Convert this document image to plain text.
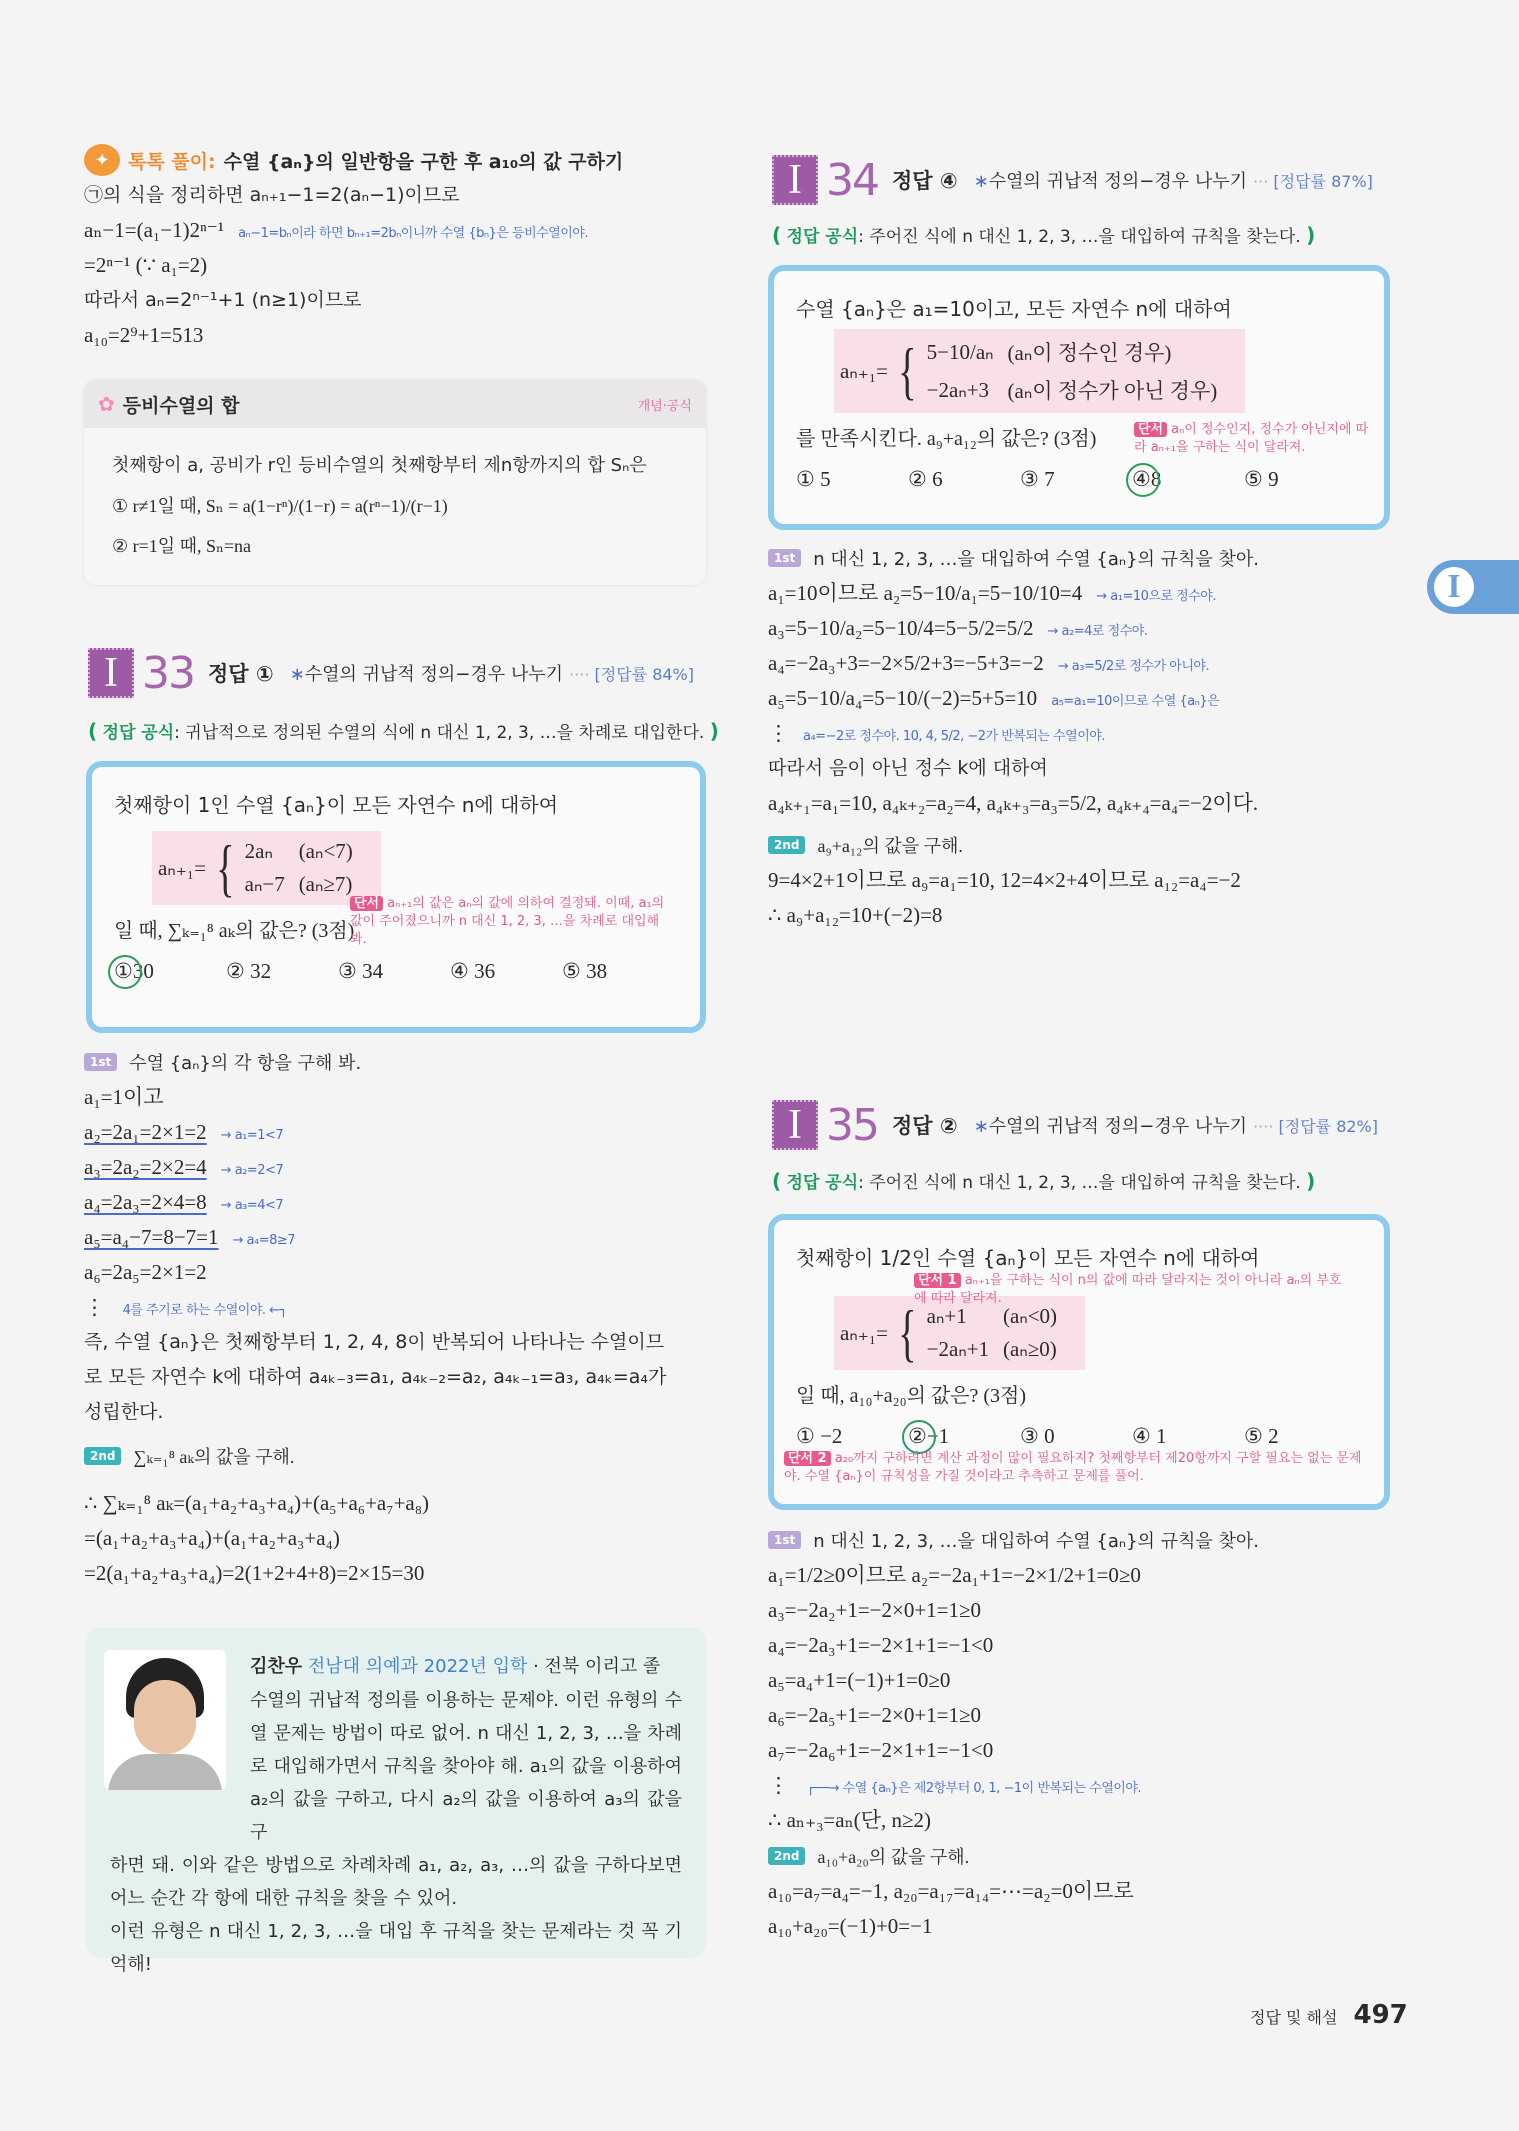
✦ 톡톡 풀이: 수열 {aₙ}의 일반항을 구한 후 a₁₀의 값 구하기
㉠의 식을 정리하면 aₙ₊₁−1=2(aₙ−1)이므로
aₙ−1=(a₁−1)2ⁿ⁻¹ aₙ−1=bₙ이라 하면 bₙ₊₁=2bₙ이니까 수열 {bₙ}은 등비수열이야.
=2ⁿ⁻¹ (∵ a₁=2)
따라서 aₙ=2ⁿ⁻¹+1 (n≥1)이므로
a₁₀=2⁹+1=513
✿ 등비수열의 합	개념·공식
첫째항이 a, 공비가 r인 등비수열의 첫째항부터 제n항까지의 합 Sₙ은
① r≠1일 때, Sₙ = a(1−rⁿ)/(1−r) = a(rⁿ−1)/(r−1)
② r=1일 때, Sₙ=na
I 33 정답 ① ∗수열의 귀납적 정의−경우 나누기 ···· [정답률 84%]
( 정답 공식: 귀납적으로 정의된 수열의 식에 n 대신 1, 2, 3, …을 차례로 대입한다. )
첫째항이 1인 수열 {aₙ}이 모든 자연수 n에 대하여
aₙ₊₁= { 2aₙ	(aₙ<7)
aₙ−7	(aₙ≥7)
일 때, ∑ₖ₌₁⁸ aₖ의 값은? (3점)
①30	② 32	③ 34	④ 36	⑤ 38
단서 aₙ₊₁의 값은 aₙ의 값에 의하여 결정돼. 이때, a₁의 값이 주어졌으니까 n 대신 1, 2, 3, …을 차례로 대입해 봐.
1st	수열 {aₙ}의 각 항을 구해 봐.
a₁=1이고
a₂=2a₁=2×1=2 → a₁=1<7
a₃=2a₂=2×2=4 → a₂=2<7
a₄=2a₃=2×4=8 → a₃=4<7
a₅=a₄−7=8−7=1 → a₄=8≥7
a₆=2a₅=2×1=2
⋮ 4를 주기로 하는 수열이야. ←┐
즉, 수열 {aₙ}은 첫째항부터 1, 2, 4, 8이 반복되어 나타나는 수열이므
로 모든 자연수 k에 대하여 a₄ₖ₋₃=a₁, a₄ₖ₋₂=a₂, a₄ₖ₋₁=a₃, a₄ₖ=a₄가
성립한다.
2nd	∑ₖ₌₁⁸ aₖ의 값을 구해.
∴ ∑ₖ₌₁⁸ aₖ=(a₁+a₂+a₃+a₄)+(a₅+a₆+a₇+a₈)
=(a₁+a₂+a₃+a₄)+(a₁+a₂+a₃+a₄)
=2(a₁+a₂+a₃+a₄)=2(1+2+4+8)=2×15=30
김찬우 전남대 의예과 2022년 입학 · 전북 이리고 졸
수열의 귀납적 정의를 이용하는 문제야. 이런 유형의 수열 문제는 방법이 따로 없어. n 대신 1, 2, 3, …을 차례로 대입해가면서 규칙을 찾아야 해. a₁의 값을 이용하여 a₂의 값을 구하고, 다시 a₂의 값을 이용하여 a₃의 값을 구
하면 돼. 이와 같은 방법으로 차례차례 a₁, a₂, a₃, …의 값을 구하다보면 어느 순간 각 항에 대한 규칙을 찾을 수 있어.
이런 유형은 n 대신 1, 2, 3, …을 대입 후 규칙을 찾는 문제라는 것 꼭 기억해!
I 34 정답 ④ ∗수열의 귀납적 정의−경우 나누기 ··· [정답률 87%]
( 정답 공식: 주어진 식에 n 대신 1, 2, 3, …을 대입하여 규칙을 찾는다. )
수열 {aₙ}은 a₁=10이고, 모든 자연수 n에 대하여
aₙ₊₁= { 5−10/aₙ	(aₙ이 정수인 경우)
−2aₙ+3	(aₙ이 정수가 아닌 경우)
를 만족시킨다. a₉+a₁₂의 값은? (3점)
① 5	② 6	③ 7	④8	⑤ 9
단서 aₙ이 정수인지, 정수가 아닌지에 따라 aₙ₊₁을 구하는 식이 달라져.
1st	n 대신 1, 2, 3, …을 대입하여 수열 {aₙ}의 규칙을 찾아.
a₁=10이므로 a₂=5−10/a₁=5−10/10=4 → a₁=10으로 정수야.
a₃=5−10/a₂=5−10/4=5−5/2=5/2 → a₂=4로 정수야.
a₄=−2a₃+3=−2×5/2+3=−5+3=−2 → a₃=5/2로 정수가 아니야.
a₅=5−10/a₄=5−10/(−2)=5+5=10 a₅=a₁=10이므로 수열 {aₙ}은
⋮ a₄=−2로 정수야. 10, 4, 5/2, −2가 반복되는 수열이야.
따라서 음이 아닌 정수 k에 대하여
a₄ₖ₊₁=a₁=10, a₄ₖ₊₂=a₂=4, a₄ₖ₊₃=a₃=5/2, a₄ₖ₊₄=a₄=−2이다.
2nd	a₉+a₁₂의 값을 구해.
9=4×2+1이므로 a₉=a₁=10, 12=4×2+4이므로 a₁₂=a₄=−2
∴ a₉+a₁₂=10+(−2)=8
I 35 정답 ② ∗수열의 귀납적 정의−경우 나누기 ···· [정답률 82%]
( 정답 공식: 주어진 식에 n 대신 1, 2, 3, …을 대입하여 규칙을 찾는다. )
첫째항이 1/2인 수열 {aₙ}이 모든 자연수 n에 대하여
aₙ₊₁= { aₙ+1	(aₙ<0)
−2aₙ+1	(aₙ≥0)
일 때, a₁₀+a₂₀의 값은? (3점)
① −2	②−1	③ 0	④ 1	⑤ 2
단서 1 aₙ₊₁을 구하는 식이 n의 값에 따라 달라지는 것이 아니라 aₙ의 부호에 따라 달라져.
단서 2 a₂₀까지 구하려면 계산 과정이 많이 필요하지? 첫째항부터 제20항까지 구할 필요는 없는 문제야. 수열 {aₙ}이 규칙성을 가질 것이라고 추측하고 문제를 풀어.
1st	n 대신 1, 2, 3, …을 대입하여 수열 {aₙ}의 규칙을 찾아.
a₁=1/2≥0이므로 a₂=−2a₁+1=−2×1/2+1=0≥0
a₃=−2a₂+1=−2×0+1=1≥0
a₄=−2a₃+1=−2×1+1=−1<0
a₅=a₄+1=(−1)+1=0≥0
a₆=−2a₅+1=−2×0+1=1≥0
a₇=−2a₆+1=−2×1+1=−1<0
⋮ ┌──→ 수열 {aₙ}은 제2항부터 0, 1, −1이 반복되는 수열이야.
∴ aₙ₊₃=aₙ(단, n≥2)
2nd	a₁₀+a₂₀의 값을 구해.
a₁₀=a₇=a₄=−1, a₂₀=a₁₇=a₁₄=⋯=a₂=0이므로
a₁₀+a₂₀=(−1)+0=−1
I
정답 및 해설 497
